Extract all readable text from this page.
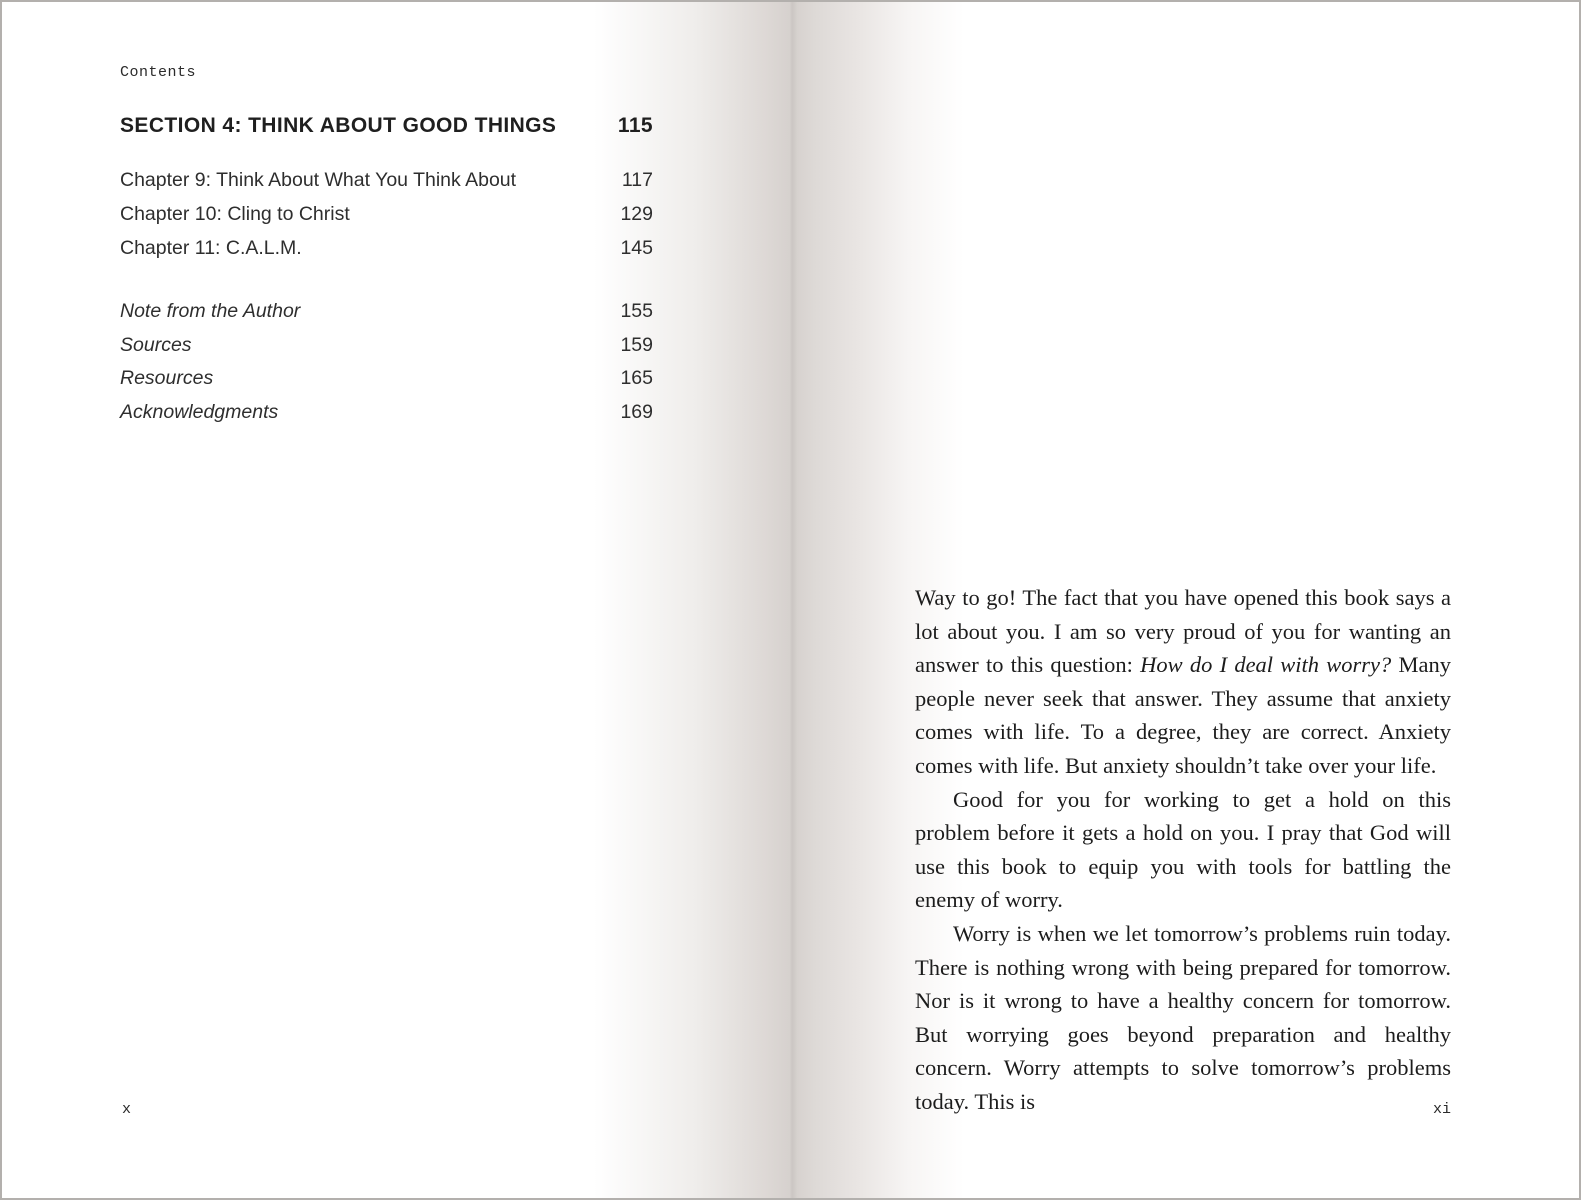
Contents
SECTION 4: THINK ABOUT GOOD THINGS	115
Chapter 9: Think About What You Think About	117
Chapter 10: Cling to Christ	129
Chapter 11: C.A.L.M.	145
Note from the Author	155
Sources	159
Resources	165
Acknowledgments	169
x

Way to go! The fact that you have opened this book says a lot about you. I am so very proud of you for wanting an answer to this question: How do I deal with worry? Many people never seek that answer. They assume that anxiety comes with life. To a degree, they are correct. Anxiety comes with life. But anxiety shouldn’t take over your life.

Good for you for working to get a hold on this problem before it gets a hold on you. I pray that God will use this book to equip you with tools for battling the enemy of worry.

Worry is when we let tomorrow’s problems ruin today. There is nothing wrong with being prepared for tomorrow. Nor is it wrong to have a healthy concern for tomorrow. But worrying goes beyond preparation and healthy concern. Worry attempts to solve tomorrow’s problems today. This is	xi
